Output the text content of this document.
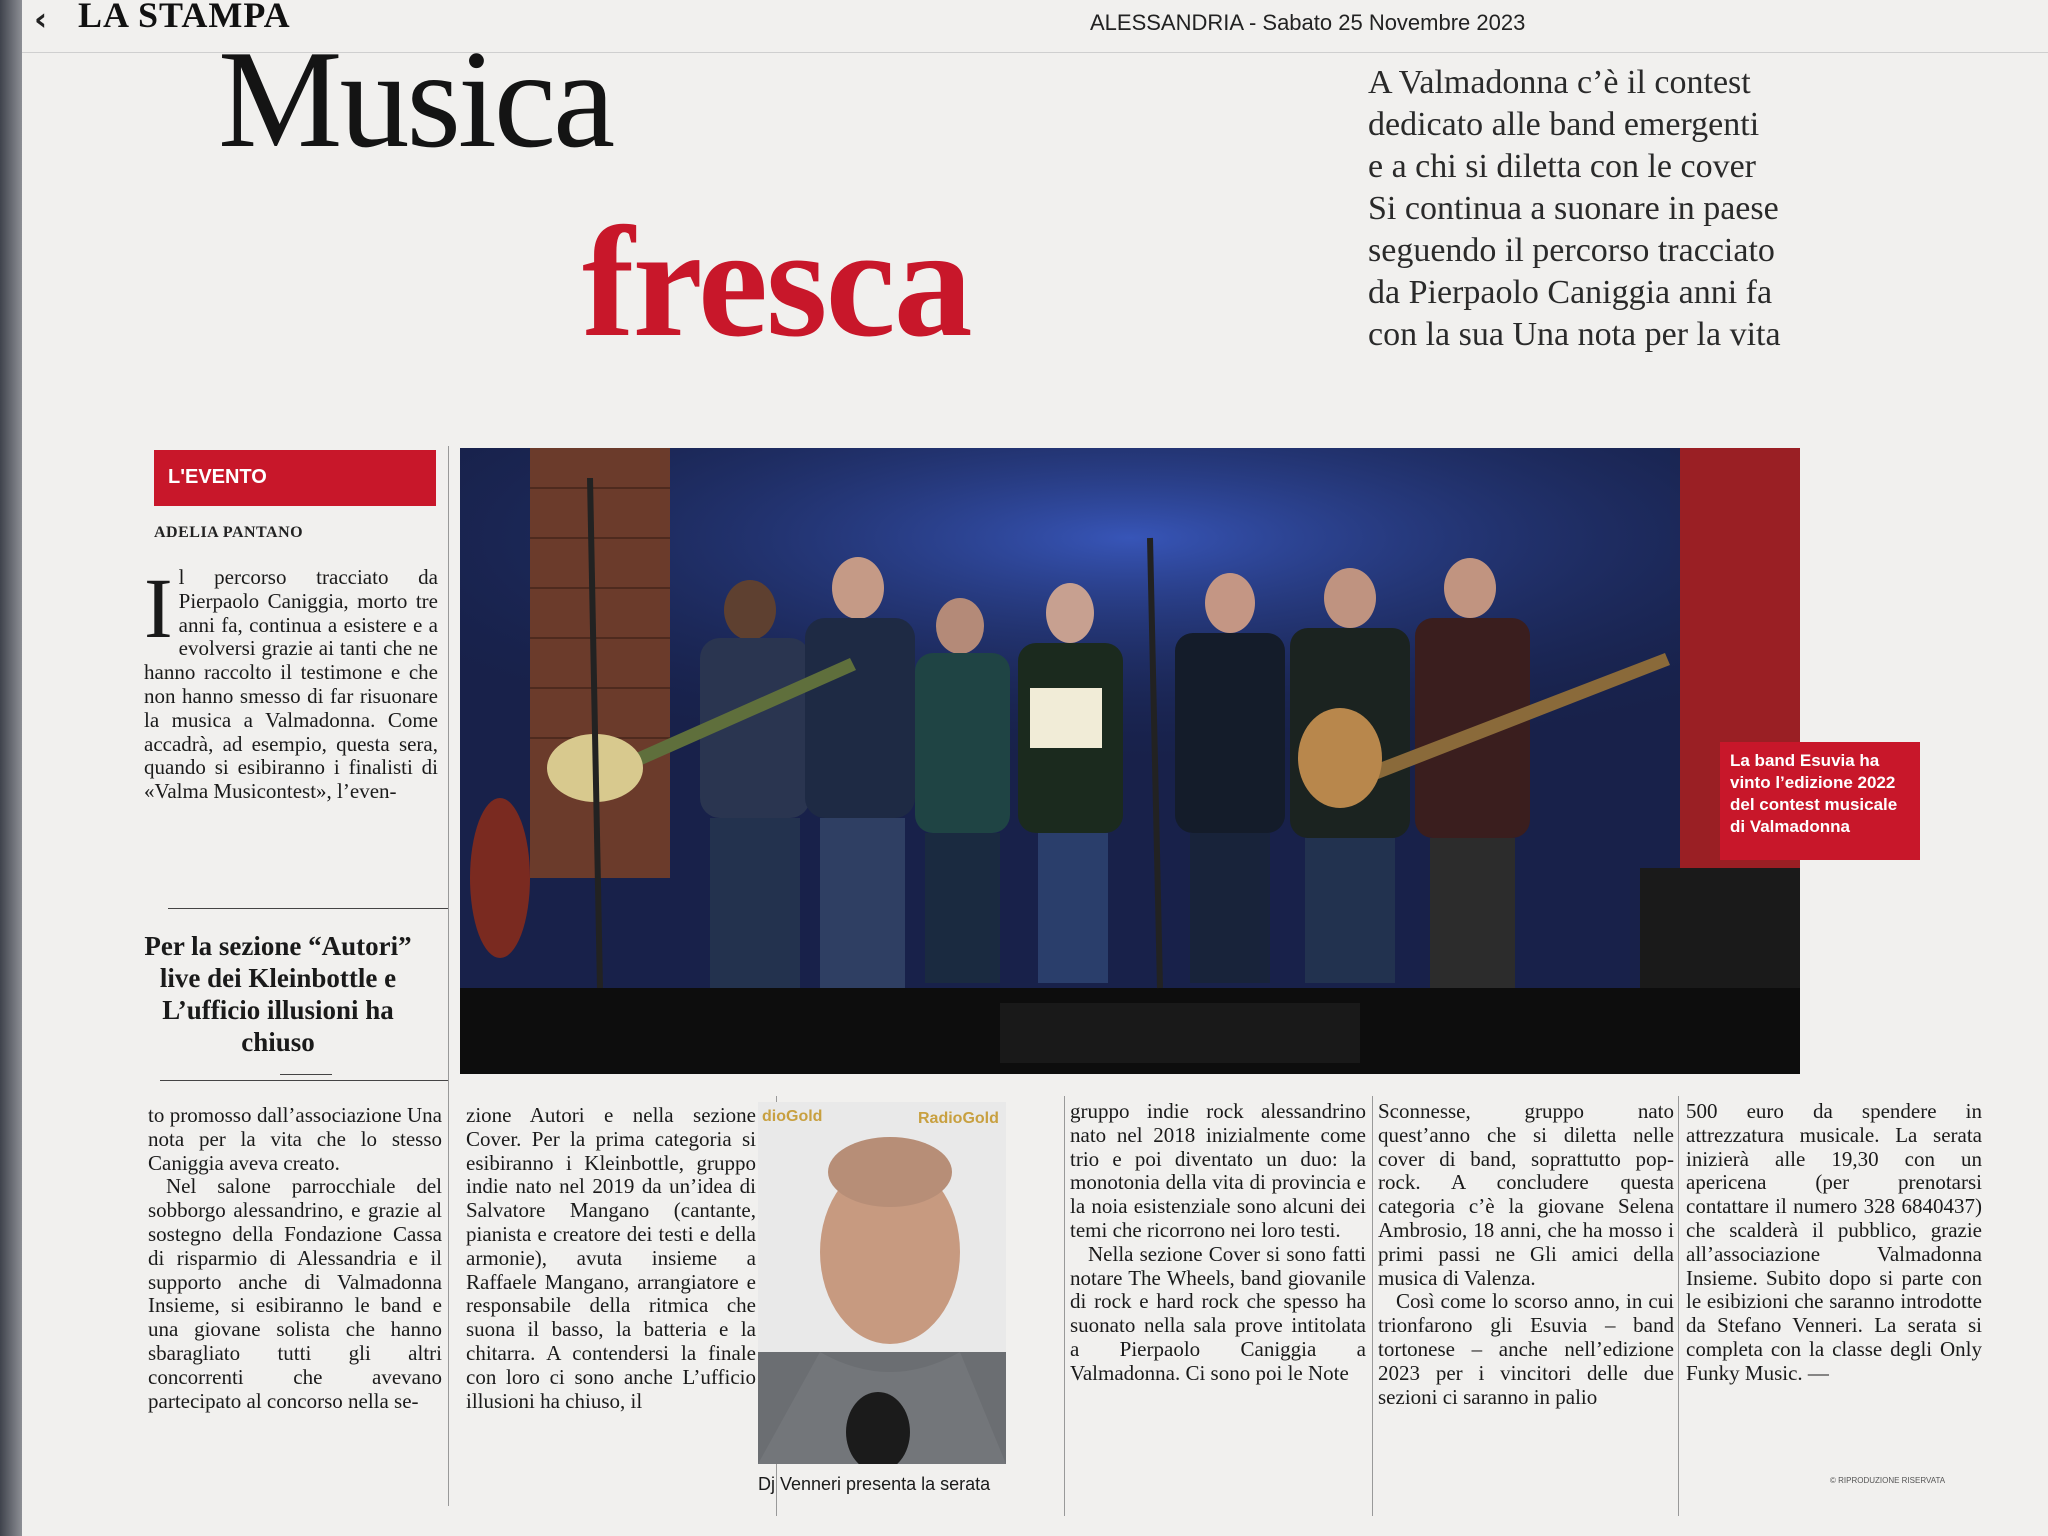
‹ LA STAMPA	ALESSANDRIA - Sabato 25 Novembre 2023
Musica
fresca
A Valmadonna c’è il contest
dedicato alle band emergenti
e a chi si diletta con le cover
Si continua a suonare in paese
seguendo il percorso tracciato
da Pierpaolo Caniggia anni fa
con la sua Una nota per la vita
L'EVENTO
ADELIA PANTANO
I l percorso tracciato da Pierpaolo Caniggia, morto tre anni fa, continua a esistere e a evolversi grazie ai tanti che ne hanno raccolto il testimone e che non hanno smesso di far risuonare la musica a Valmadonna. Come accadrà, ad esempio, questa sera, quando si esibiranno i finalisti di «Valma Musicontest», l’even-
Per la sezione “Autori” live dei Kleinbottle e L’ufficio illusioni ha chiuso
La band Esuvia ha vinto l’edizione 2022 del contest musicale di Valmadonna

to promosso dall’associazione Una nota per la vita che lo stesso Caniggia aveva creato.

Nel salone parrocchiale del sobborgo alessandrino, e grazie al sostegno della Fondazione Cassa di risparmio di Alessandria e il supporto anche di Valmadonna Insieme, si esibiranno le band e una giovane solista che hanno sbaragliato tutti gli altri concorrenti che avevano partecipato al concorso nella se-

zione Autori e nella sezione Cover. Per la prima categoria si esibiranno i Kleinbottle, gruppo indie nato nel 2019 da un’idea di Salvatore Mangano (cantante, pianista e creatore dei testi e della armonie), avuta insieme a Raffaele Mangano, arrangiatore e responsabile della ritmica che suona il basso, la batteria e la chitarra. A contendersi la finale con loro ci sono anche L’ufficio illusioni ha chiuso, il

dioGold	RadioGold
Dj Venneri presenta la serata

gruppo indie rock alessandrino nato nel 2018 inizialmente come trio e poi diventato un duo: la monotonia della vita di provincia e la noia esistenziale sono alcuni dei temi che ricorrono nei loro testi.

Nella sezione Cover si sono fatti notare The Wheels, band giovanile di rock e hard rock che spesso ha suonato nella sala prove intitolata a Pierpaolo Caniggia a Valmadonna. Ci sono poi le Note

Sconnesse, gruppo nato quest’anno che si diletta nelle cover di band, soprattutto pop-rock. A concludere questa categoria c’è la giovane Selena Ambrosio, 18 anni, che ha mosso i primi passi ne Gli amici della musica di Valenza.

Così come lo scorso anno, in cui trionfarono gli Esuvia – band tortonese – anche nell’edizione 2023 per i vincitori delle due sezioni ci saranno in palio

500 euro da spendere in attrezzatura musicale. La serata inizierà alle 19,30 con un apericena (per prenotarsi contattare il numero 328 6840437) che scalderà il pubblico, grazie all’associazione Valmadonna Insieme. Subito dopo si parte con le esibizioni che saranno introdotte da Stefano Venneri. La serata si completa con la classe degli Only Funky Music. —

© RIPRODUZIONE RISERVATA
